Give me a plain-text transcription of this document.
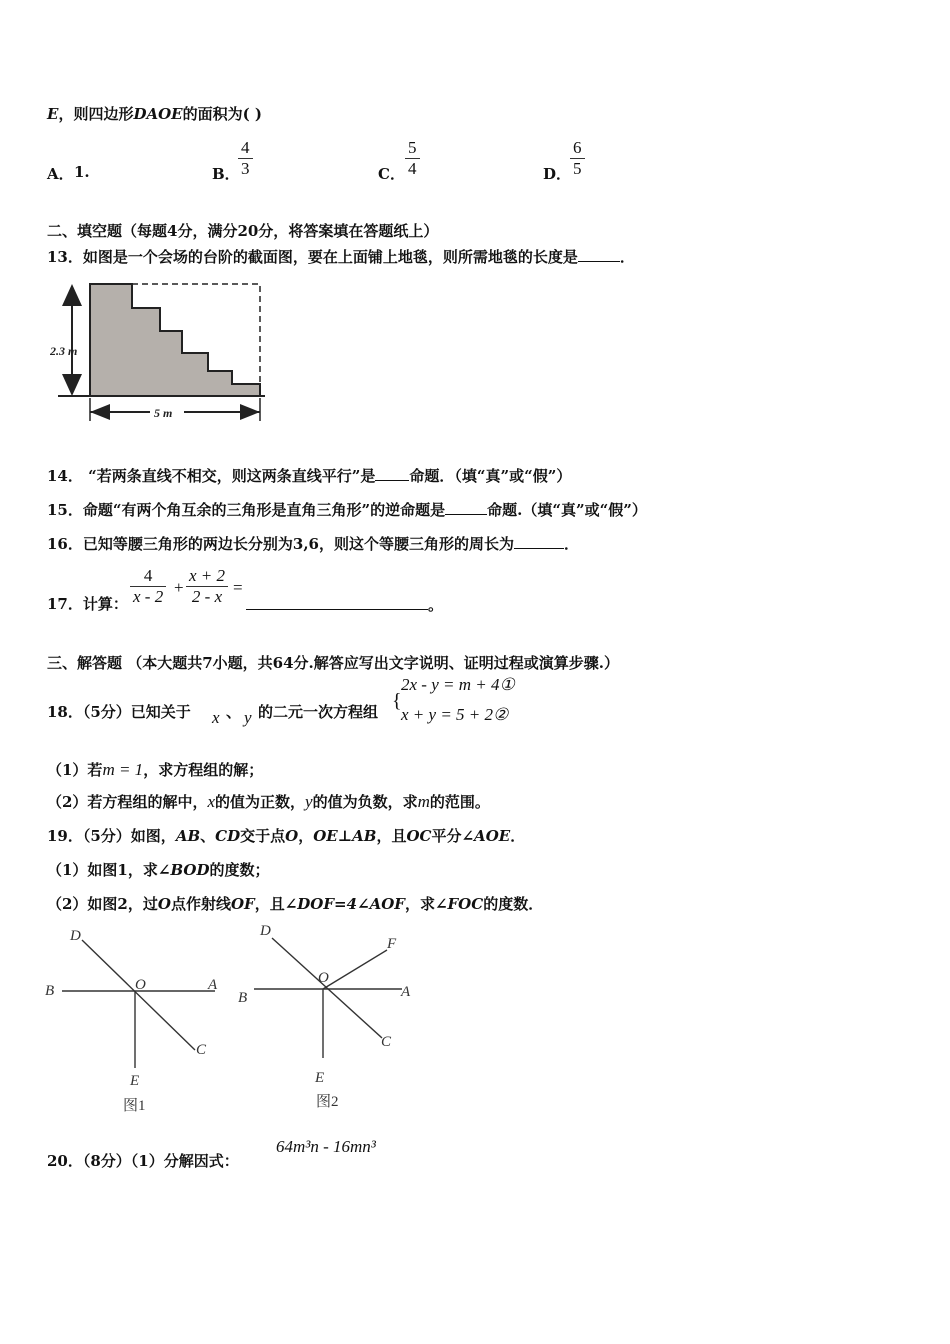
E，则四边形DAOE的面积为( )
A． 1.	B．
$\frac{4}{3}$	C． $\frac{5}{4}$	D．
$\frac{6}{5}$
二、填空题（每题4分，满分20分，将答案填在答题纸上）
13．如图是一个会场的台阶的截面图，要在上面铺上地毯，则所需地毯的长度是	．
2.3 m
5 m
14． “若两条直线不相交，则这两条直线平行”是 命题．（填“真”或“假”）
15．命题“有两个角互余的三角形是直角三角形”的逆命题是	命题.（填“真”或“假”）
16．已知等腰三角形的两边长分别为3,6，则这个等腰三角形的周长为	．
17．计算： $\frac{4}{x - 2} + \frac{x + 2}{2 - x}$ =
。
三、解答题 （本大题共7小题，共64分.解答应写出文字说明、证明过程或演算步骤.）
18．（5分）已知关于 x 、 y 的二元一次方程组 {
2x - y = m + 4①
x + y = 5 + 2②
（1）若m = 1，求方程组的解；
（2）若方程组的解中，x的值为正数，y的值为负数，求m的范围。
19．（5分）如图，AB、CD交于点O，OE⊥AB，且OC平分∠AOE．
（1）如图1，求∠BOD的度数；
（2）如图2，过O点作射线OF，且∠DOF=4∠AOF，求∠FOC的度数．
D
B	O	A
C
E
图1
D
F
B
O
A
C
E
图2
20．（8分）（1）分解因式：
64m³n - 16mn³
